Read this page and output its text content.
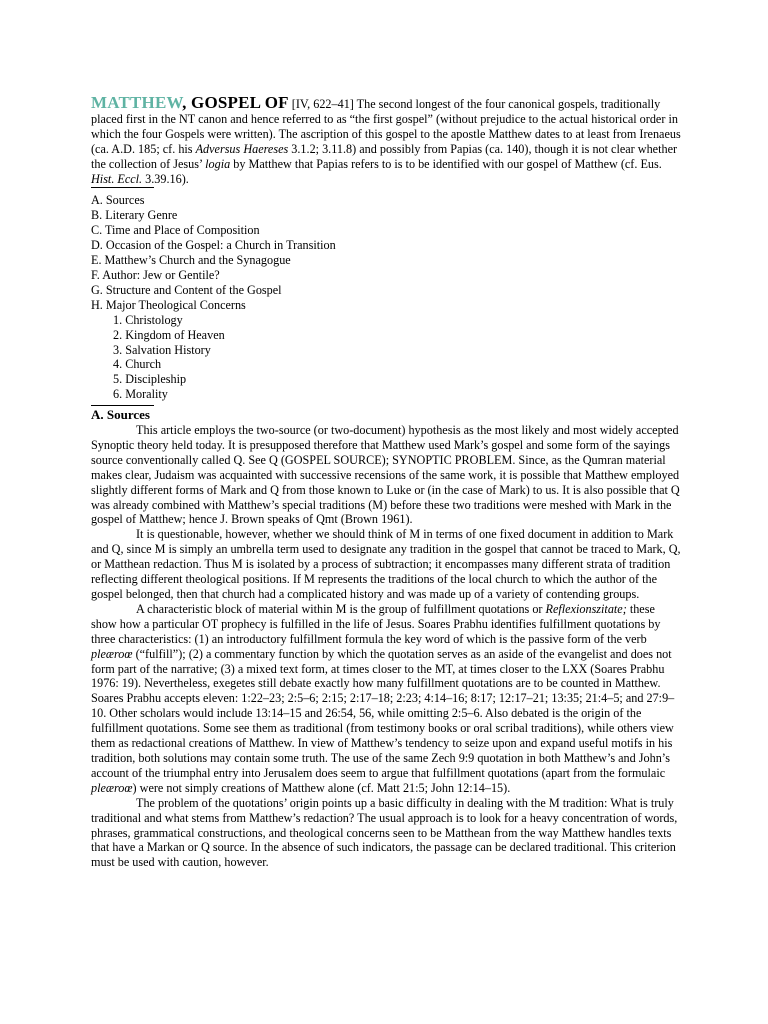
MATTHEW, GOSPEL OF [IV, 622–41] The second longest of the four canonical gospels, traditionally placed first in the NT canon and hence referred to as “the first gospel” (without prejudice to the actual historical order in which the four Gospels were written). The ascription of this gospel to the apostle Matthew dates to at least from Irenaeus (ca. A.D. 185; cf. his Adversus Haereses 3.1.2; 3.11.8) and possibly from Papias (ca. 140), though it is not clear whether the collection of Jesus’ logia by Matthew that Papias refers to is to be identified with our gospel of Matthew (cf. Eus. Hist. Eccl. 3.39.16).

A. Sources
B. Literary Genre
C. Time and Place of Composition
D. Occasion of the Gospel: a Church in Transition
E. Matthew’s Church and the Synagogue
F. Author: Jew or Gentile?
G. Structure and Content of the Gospel
H. Major Theological Concerns
1. Christology
2. Kingdom of Heaven
3. Salvation History
4. Church
5. Discipleship
6. Morality
A. Sources

This article employs the two-source (or two-document) hypothesis as the most likely and most widely accepted Synoptic theory held today. It is presupposed therefore that Matthew used Mark’s gospel and some form of the sayings source conventionally called Q. See Q (GOSPEL SOURCE); SYNOPTIC PROBLEM. Since, as the Qumran material makes clear, Judaism was acquainted with successive recensions of the same work, it is possible that Matthew employed slightly different forms of Mark and Q from those known to Luke or (in the case of Mark) to us. It is also possible that Q was already combined with Matthew’s special traditions (M) before these two traditions were meshed with Mark in the gospel of Matthew; hence J. Brown speaks of Qmt (Brown 1961).

It is questionable, however, whether we should think of M in terms of one fixed document in addition to Mark and Q, since M is simply an umbrella term used to designate any tradition in the gospel that cannot be traced to Mark, Q, or Matthean redaction. Thus M is isolated by a process of subtraction; it encompasses many different strata of tradition reflecting different theological positions. If M represents the traditions of the local church to which the author of the gospel belonged, then that church had a complicated history and was made up of a variety of contending groups.

A characteristic block of material within M is the group of fulfillment quotations or Reflexionszitate; these show how a particular OT prophecy is fulfilled in the life of Jesus. Soares Prabhu identifies fulfillment quotations by three characteristics: (1) an introductory fulfillment formula the key word of which is the passive form of the verb pleæroœ (“fulfill”); (2) a commentary function by which the quotation serves as an aside of the evangelist and does not form part of the narrative; (3) a mixed text form, at times closer to the MT, at times closer to the LXX (Soares Prabhu 1976: 19). Nevertheless, exegetes still debate exactly how many fulfillment quotations are to be counted in Matthew. Soares Prabhu accepts eleven: 1:22–23; 2:5–6; 2:15; 2:17–18; 2:23; 4:14–16; 8:17; 12:17–21; 13:35; 21:4–5; and 27:9–10. Other scholars would include 13:14–15 and 26:54, 56, while omitting 2:5–6. Also debated is the origin of the fulfillment quotations. Some see them as traditional (from testimony books or oral scribal traditions), while others view them as redactional creations of Matthew. In view of Matthew’s tendency to seize upon and expand useful motifs in his tradition, both solutions may contain some truth. The use of the same Zech 9:9 quotation in both Matthew’s and John’s account of the triumphal entry into Jerusalem does seem to argue that fulfillment quotations (apart from the formulaic pleæroœ) were not simply creations of Matthew alone (cf. Matt 21:5; John 12:14–15).

The problem of the quotations’ origin points up a basic difficulty in dealing with the M tradition: What is truly traditional and what stems from Matthew’s redaction? The usual approach is to look for a heavy concentration of words, phrases, grammatical constructions, and theological concerns seen to be Matthean from the way Matthew handles texts that have a Markan or Q source. In the absence of such indicators, the passage can be declared traditional. This criterion must be used with caution, however.
